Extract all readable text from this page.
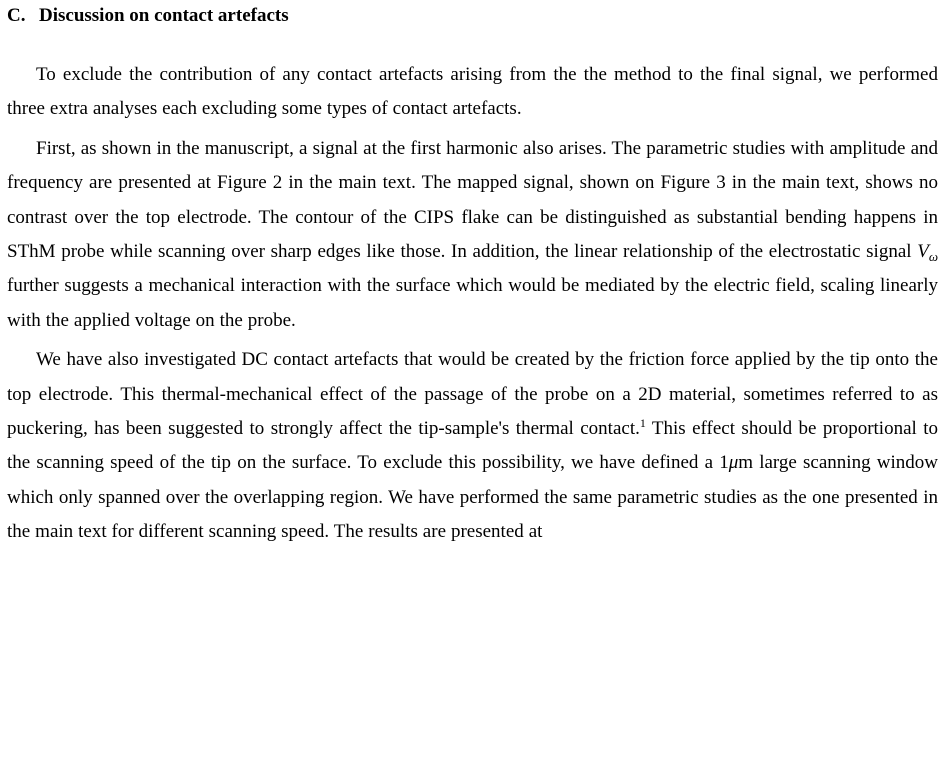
C. Discussion on contact artefacts

To exclude the contribution of any contact artefacts arising from the the method to the final signal, we performed three extra analyses each excluding some types of contact artefacts.

First, as shown in the manuscript, a signal at the first harmonic also arises. The parametric studies with amplitude and frequency are presented at Figure 2 in the main text. The mapped signal, shown on Figure 3 in the main text, shows no contrast over the top electrode. The contour of the CIPS flake can be distinguished as substantial bending happens in SThM probe while scanning over sharp edges like those. In addition, the linear relationship of the electrostatic signal $V_\omega$ further suggests a mechanical interaction with the surface which would be mediated by the electric field, scaling linearly with the applied voltage on the probe.

We have also investigated DC contact artefacts that would be created by the friction force applied by the tip onto the top electrode. This thermal-mechanical effect of the passage of the probe on a 2D material, sometimes referred to as puckering, has been suggested to strongly affect the tip-sample's thermal contact.$^1$ This effect should be proportional to the scanning speed of the tip on the surface. To exclude this possibility, we have defined a 1μm large scanning window which only spanned over the overlapping region. We have performed the same parametric studies as the one presented in the main text for different scanning speed. The results are presented at
